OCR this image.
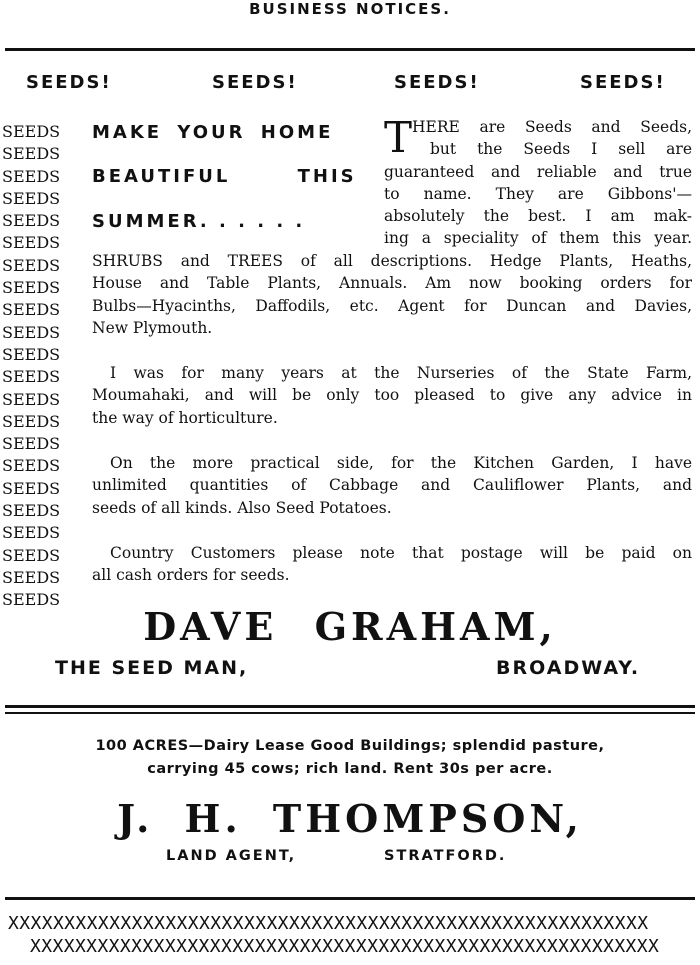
BUSINESS NOTICES.
SEEDS!	SEEDS!	SEEDS!	SEEDS!
SEEDS
SEEDS
SEEDS
SEEDS
SEEDS
SEEDS
SEEDS
SEEDS
SEEDS
SEEDS
SEEDS
SEEDS
SEEDS
SEEDS
SEEDS
SEEDS
SEEDS
SEEDS
SEEDS
SEEDS
SEEDS
SEEDS
MAKE YOUR HOME
BEAUTIFUL THIS
SUMMER. . . . . .
T HERE are Seeds and Seeds,

but the Seeds I sell are

guaranteed and reliable and true

to name. They are Gibbons'—

absolutely the best. I am mak-

ing a speciality of them this year.

SHRUBS and TREES of all descriptions. Hedge Plants, Heaths,

House and Table Plants, Annuals. Am now booking orders for

Bulbs—Hyacinths, Daffodils, etc. Agent for Duncan and Davies,

New Plymouth.

I was for many years at the Nurseries of the State Farm,

Moumahaki, and will be only too pleased to give any advice in

the way of horticulture.

On the more practical side, for the Kitchen Garden, I have

unlimited quantities of Cabbage and Cauliflower Plants, and

seeds of all kinds. Also Seed Potatoes.

Country Customers please note that postage will be paid on

all cash orders for seeds.

DAVE GRAHAM,
THE SEED MAN,	BROADWAY.
100 ACRES—Dairy Lease Good Buildings; splendid pasture,
carrying 45 cows; rich land. Rent 30s per acre.
J. H. THOMPSON,
LAND AGENT,	STRATFORD.
XXXXXXXXXXXXXXXXXXXXXXXXXXXXXXXXXXXXXXXXXXXXXXXXXXXXXXXXX
XXXXXXXXXXXXXXXXXXXXXXXXXXXXXXXXXXXXXXXXXXXXXXXXXXXXXXXX
